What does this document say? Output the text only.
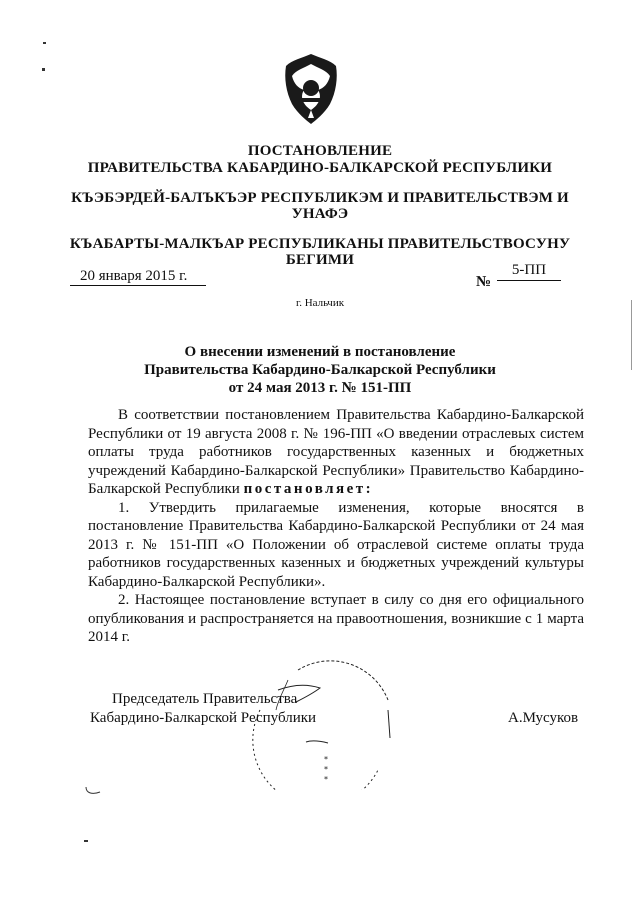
ПОСТАНОВЛЕНИЕ
ПРАВИТЕЛЬСТВА КАБАРДИНО-БАЛКАРСКОЙ РЕСПУБЛИКИ
КЪЭБЭРДЕЙ-БАЛЪКЪЭР РЕСПУБЛИКЭМ И ПРАВИТЕЛЬСТВЭМ И
УНАФЭ
КЪАБАРТЫ-МАЛКЪАР РЕСПУБЛИКАНЫ ПРАВИТЕЛЬСТВОСУНУ
БЕГИМИ
20 января 2015 г.	№
5-ПП
г. Нальчик
О внесении изменений в постановление
Правительства Кабардино-Балкарской Республики
от 24 мая 2013 г. № 151-ПП

В соответствии постановлением Правительства Кабардино-Балкарской Республики от 19 августа 2008 г. № 196-ПП «О введении отраслевых систем оплаты труда работников государственных казенных и бюджетных учреждений Кабардино-Балкарской Республики» Правительство Кабардино-Балкарской Республики постановляет:

1. Утвердить прилагаемые изменения, которые вносятся в постановление Правительства Кабардино-Балкарской Республики от 24 мая 2013 г. № 151-ПП «О Положении об отраслевой системе оплаты труда работников государственных казенных и бюджетных учреждений культуры Кабардино-Балкарской Республики».

2. Настоящее постановление вступает в силу со дня его официального опубликования и распространяется на правоотношения, возникшие с 1 марта 2014 г.

*
*
*
Председатель Правительства
Кабардино-Балкарской Республики	А.Мусуков
